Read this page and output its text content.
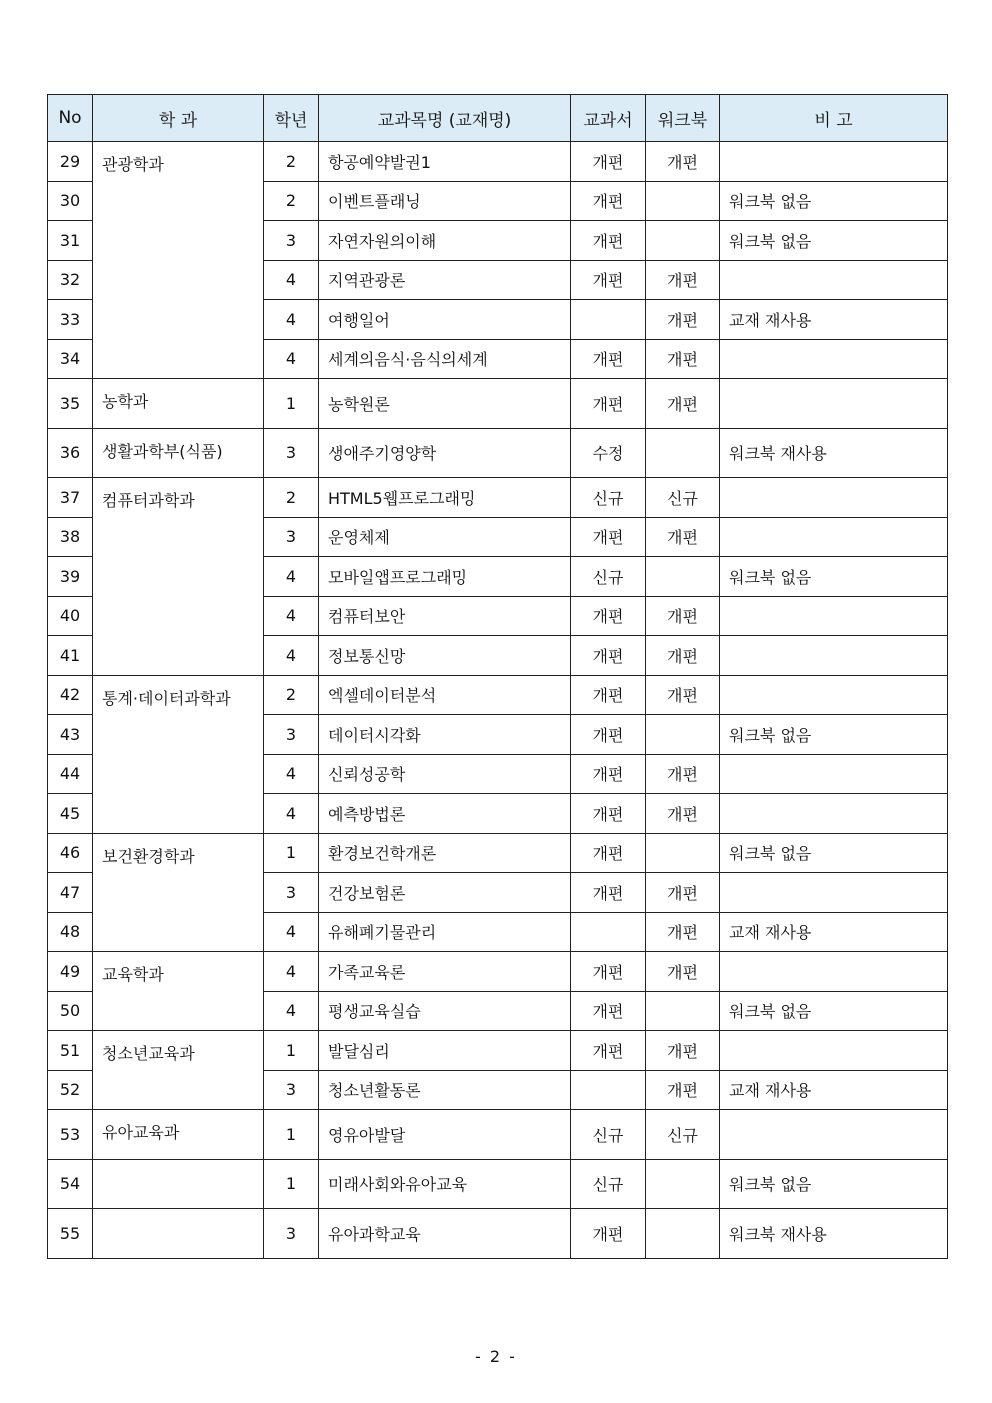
No	학 과	학년	교과목명 (교재명)	교과서	워크북	비 고
29	관광학과	2	항공예약발권1	개편	개편	
30		2	이벤트플래닝	개편		워크북 없음
31		3	자연자원의이해	개편		워크북 없음
32		4	지역관광론	개편	개편	
33		4	여행일어		개편	교재 재사용
34		4	세계의음식·음식의세계	개편	개편	
35	농학과	1	농학원론	개편	개편	
36	생활과학부(식품)	3	생애주기영양학	수정		워크북 재사용
37	컴퓨터과학과	2	HTML5웹프로그래밍	신규	신규	
38		3	운영체제	개편	개편	
39		4	모바일앱프로그래밍	신규		워크북 없음
40		4	컴퓨터보안	개편	개편	
41		4	정보통신망	개편	개편	
42	통계·데이터과학과	2	엑셀데이터분석	개편	개편	
43		3	데이터시각화	개편		워크북 없음
44		4	신뢰성공학	개편	개편	
45		4	예측방법론	개편	개편	
46	보건환경학과	1	환경보건학개론	개편		워크북 없음
47		3	건강보험론	개편	개편	
48		4	유해폐기물관리		개편	교재 재사용
49	교육학과	4	가족교육론	개편	개편	
50		4	평생교육실습	개편		워크북 없음
51	청소년교육과	1	발달심리	개편	개편	
52		3	청소년활동론		개편	교재 재사용
53	유아교육과	1	영유아발달	신규	신규	
54		1	미래사회와유아교육	신규		워크북 없음
55		3	유아과학교육	개편		워크북 재사용
- 2 -
